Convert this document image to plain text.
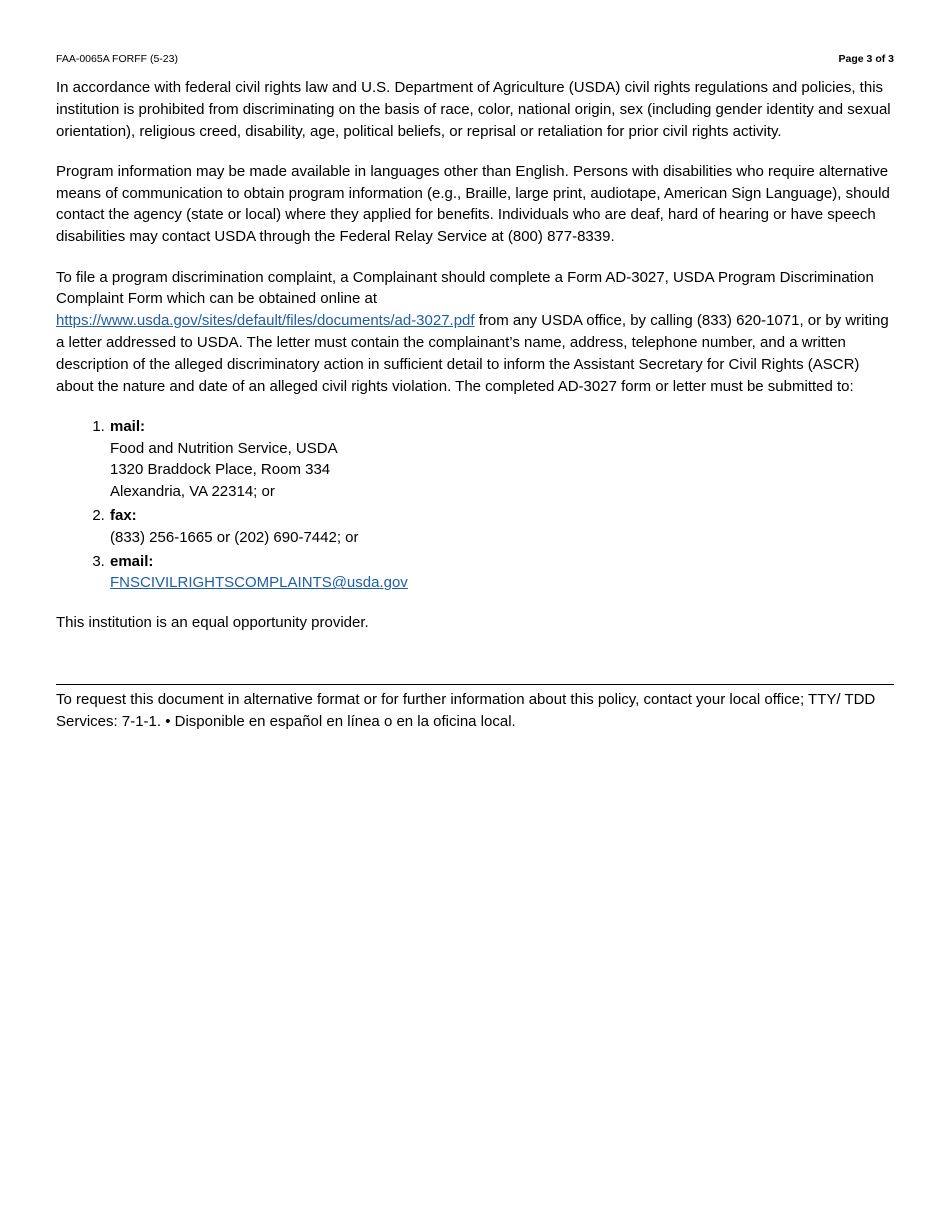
FAA-0065A FORFF (5-23)	Page 3 of 3

In accordance with federal civil rights law and U.S. Department of Agriculture (USDA) civil rights regulations and policies, this institution is prohibited from discriminating on the basis of race, color, national origin, sex (including gender identity and sexual orientation), religious creed, disability, age, political beliefs, or reprisal or retaliation for prior civil rights activity.

Program information may be made available in languages other than English. Persons with disabilities who require alternative means of communication to obtain program information (e.g., Braille, large print, audiotape, American Sign Language), should contact the agency (state or local) where they applied for benefits. Individuals who are deaf, hard of hearing or have speech disabilities may contact USDA through the Federal Relay Service at (800) 877-8339.

To file a program discrimination complaint, a Complainant should complete a Form AD-3027, USDA Program Discrimination Complaint Form which can be obtained online at
https://www.usda.gov/sites/default/files/documents/ad-3027.pdf from any USDA office, by calling (833) 620-1071, or by writing a letter addressed to USDA. The letter must contain the complainant’s name, address, telephone number, and a written description of the alleged discriminatory action in sufficient detail to inform the Assistant Secretary for Civil Rights (ASCR) about the nature and date of an alleged civil rights violation. The completed AD-3027 form or letter must be submitted to:

1. mail:
Food and Nutrition Service, USDA
1320 Braddock Place, Room 334
Alexandria, VA 22314; or
2. fax:
(833) 256-1665 or (202) 690-7442; or
3. email:
FNSCIVILRIGHTSCOMPLAINTS@usda.gov

This institution is an equal opportunity provider.

To request this document in alternative format or for further information about this policy, contact your local office; TTY/ TDD Services: 7-1-1. • Disponible en español en línea o en la oficina local.
